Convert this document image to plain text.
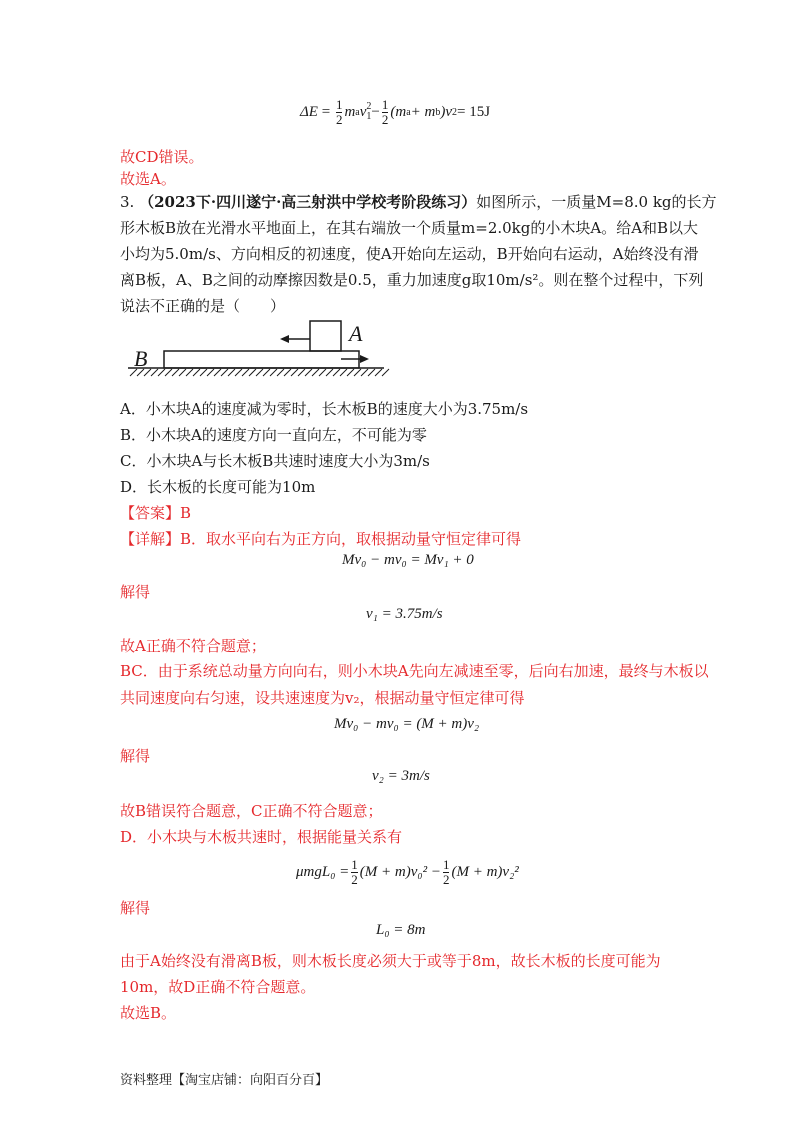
$\Delta E = \frac{1}{2}$ m a v 2
$1 - \frac{1}{2} (m$ a + m b )v 2 = 15J
故CD错误。
故选A。
3. （2023下·四川遂宁·高三射洪中学校考阶段练习）如图所示，一质量M=8.0 kg的长方
形木板B放在光滑水平地面上，在其右端放一个质量m=2.0kg的小木块A。给A和B以大
小均为5.0m/s、方向相反的初速度，使A开始向左运动，B开始向右运动，A始终没有滑
离B板，A、B之间的动摩擦因数是0.5，重力加速度g取10m/s²。则在整个过程中，下列
说法不正确的是（　　）
A
B
A．小木块A的速度减为零时，长木板B的速度大小为3.75m/s
B．小木块A的速度方向一直向左，不可能为零
C．小木块A与长木板B共速时速度大小为3m/s
D．长木板的长度可能为10m
【答案】B
【详解】B．取水平向右为正方向，取根据动量守恒定律可得
Mv₀ − mv₀ = Mv₁ + 0
解得
v₁ = 3.75m/s
故A正确不符合题意；
BC．由于系统总动量方向向右，则小木块A先向左减速至零，后向右加速，最终与木板以
共同速度向右匀速，设共速速度为v₂，根据动量守恒定律可得
Mv₀ − mv₀ = (M + m)v₂
解得
v₂ = 3m/s
故B错误符合题意，C正确不符合题意；
D．小木块与木板共速时，根据能量关系有
$\mu mgL_0 = \frac{1}{2} (M + m)v_0^2 - \frac{1}{2} (M + m)v_2^2$
解得
L₀ = 8m
由于A始终没有滑离B板，则木板长度必须大于或等于8m，故长木板的长度可能为
10m，故D正确不符合题意。
故选B。
资料整理【淘宝店铺：向阳百分百】
